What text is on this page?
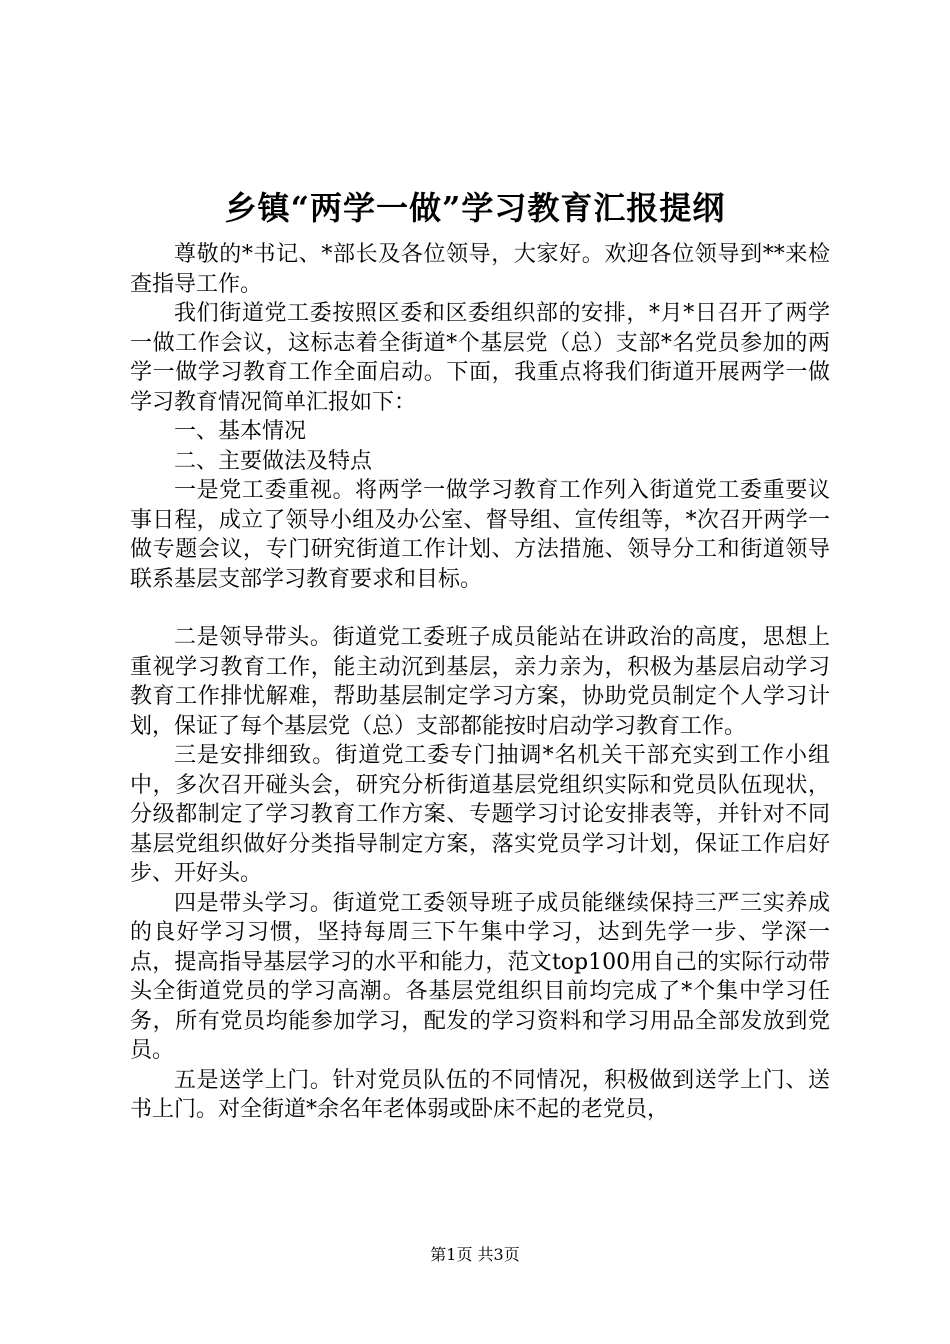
乡镇“两学一做”学习教育汇报提纲

尊敬的*书记、*部长及各位领导，大家好。欢迎各位领导到**来检查指导工作。

我们街道党工委按照区委和区委组织部的安排，*月*日召开了两学一做工作会议，这标志着全街道*个基层党（总）支部*名党员参加的两学一做学习教育工作全面启动。下面，我重点将我们街道开展两学一做学习教育情况简单汇报如下：

一、基本情况

二、主要做法及特点

一是党工委重视。将两学一做学习教育工作列入街道党工委重要议事日程，成立了领导小组及办公室、督导组、宣传组等，*次召开两学一做专题会议，专门研究街道工作计划、方法措施、领导分工和街道领导联系基层支部学习教育要求和目标。

二是领导带头。街道党工委班子成员能站在讲政治的高度，思想上重视学习教育工作，能主动沉到基层，亲力亲为，积极为基层启动学习教育工作排忧解难，帮助基层制定学习方案，协助党员制定个人学习计划，保证了每个基层党（总）支部都能按时启动学习教育工作。

三是安排细致。街道党工委专门抽调*名机关干部充实到工作小组中，多次召开碰头会，研究分析街道基层党组织实际和党员队伍现状，分级都制定了学习教育工作方案、专题学习讨论安排表等，并针对不同基层党组织做好分类指导制定方案，落实党员学习计划，保证工作启好步、开好头。

四是带头学习。街道党工委领导班子成员能继续保持三严三实养成的良好学习习惯，坚持每周三下午集中学习，达到先学一步、学深一点，提高指导基层学习的水平和能力，范文top100用自己的实际行动带头全街道党员的学习高潮。各基层党组织目前均完成了*个集中学习任务，所有党员均能参加学习，配发的学习资料和学习用品全部发放到党员。

五是送学上门。针对党员队伍的不同情况，积极做到送学上门、送书上门。对全街道*余名年老体弱或卧床不起的老党员，

第1页 共3页
